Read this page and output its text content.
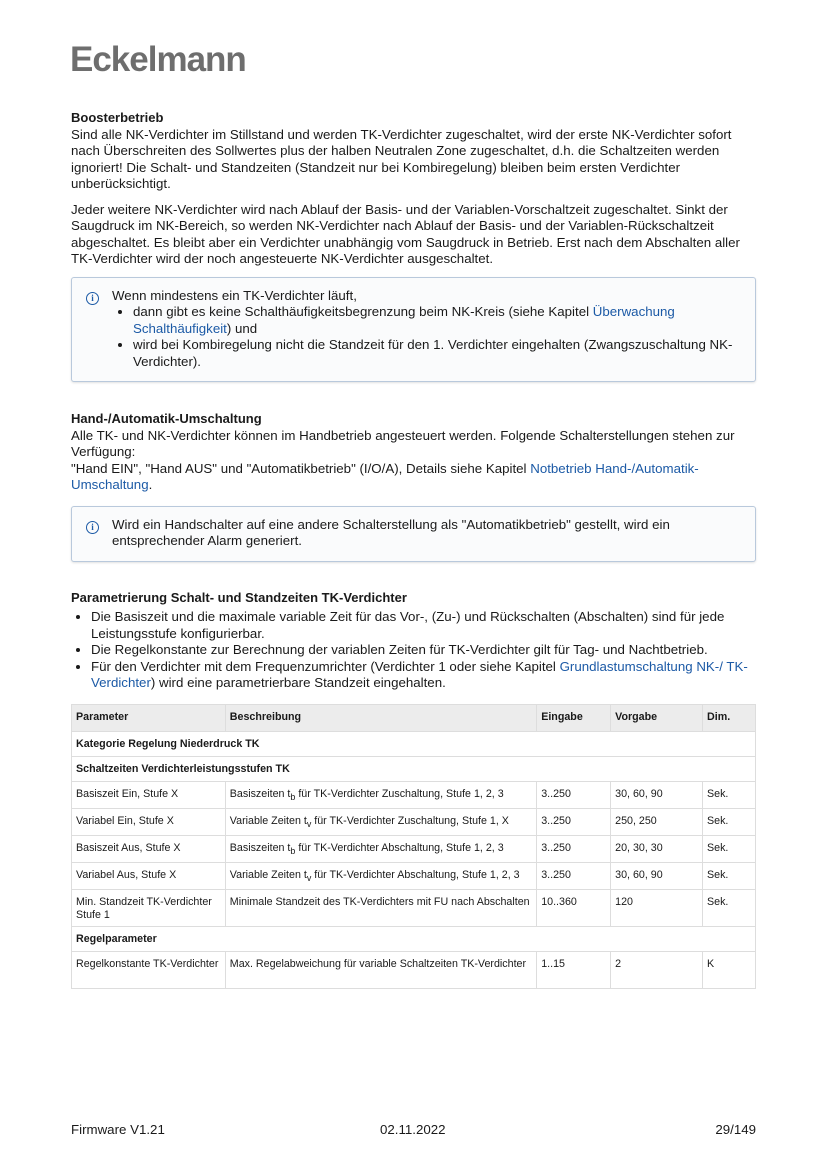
Eckelmann
Boosterbetrieb

Sind alle NK-Verdichter im Stillstand und werden TK-Verdichter zugeschaltet, wird der erste NK-Verdichter sofort nach Überschreiten des Sollwertes plus der halben Neutralen Zone zugeschaltet, d.h. die Schaltzeiten werden ignoriert! Die Schalt- und Standzeiten (Standzeit nur bei Kombiregelung) bleiben beim ersten Verdichter unberücksichtigt.

Jeder weitere NK-Verdichter wird nach Ablauf der Basis- und der Variablen-Vorschaltzeit zugeschaltet. Sinkt der Saugdruck im NK-Bereich, so werden NK-Verdichter nach Ablauf der Basis- und der Variablen-Rückschaltzeit abgeschaltet. Es bleibt aber ein Verdichter unabhängig vom Saugdruck in Betrieb. Erst nach dem Abschalten aller TK-Verdichter wird der noch angesteuerte NK-Verdichter ausgeschaltet.

i	Wenn mindestens ein TK-Verdichter läuft,
• dann gibt es keine Schalthäufigkeitsbegrenzung beim NK-Kreis (siehe Kapitel Überwachung Schalthäufigkeit) und
• wird bei Kombiregelung nicht die Standzeit für den 1. Verdichter eingehalten (Zwangszuschaltung NK-Verdichter).
Hand-/Automatik-Umschaltung

Alle TK- und NK-Verdichter können im Handbetrieb angesteuert werden. Folgende Schalterstellungen stehen zur Verfügung:

"Hand EIN", "Hand AUS" und "Automatikbetrieb" (I/O/A), Details siehe Kapitel Notbetrieb Hand-/Automatik-Umschaltung.

i	Wird ein Handschalter auf eine andere Schalterstellung als "Automatikbetrieb" gestellt, wird ein entsprechender Alarm generiert.
Parametrierung Schalt- und Standzeiten TK-Verdichter
• Die Basiszeit und die maximale variable Zeit für das Vor-, (Zu-) und Rückschalten (Abschalten) sind für jede Leistungsstufe konfigurierbar.
• Die Regelkonstante zur Berechnung der variablen Zeiten für TK-Verdichter gilt für Tag- und Nachtbetrieb.
• Für den Verdichter mit dem Frequenzumrichter (Verdichter 1 oder siehe Kapitel Grundlastumschaltung NK-/ TK-Verdichter) wird eine parametrierbare Standzeit eingehalten.
Parameter	Beschreibung	Eingabe	Vorgabe	Dim.
Kategorie Regelung Niederdruck TK				
Schaltzeiten Verdichterleistungsstufen TK				
Basiszeit Ein, Stufe X	Basiszeiten $t_b$ für TK-Verdichter Zuschaltung, Stufe 1, 2, 3	3..250	30, 60, 90	Sek.
Variabel Ein, Stufe X	Variable Zeiten $t_v$ für TK-Verdichter Zuschaltung, Stufe 1, X	3..250	250, 250	Sek.
Basiszeit Aus, Stufe X	Basiszeiten $t_b$ für TK-Verdichter Abschaltung, Stufe 1, 2, 3	3..250	20, 30, 30	Sek.
Variabel Aus, Stufe X	Variable Zeiten $t_v$ für TK-Verdichter Abschaltung, Stufe 1, 2, 3	3..250	30, 60, 90	Sek.
Min. Standzeit TK-Verdichter Stufe 1	Minimale Standzeit des TK-Verdichters mit FU nach Abschalten	10..360	120	Sek.
Regelparameter				
Regelkonstante TK-Verdichter	Max. Regelabweichung für variable Schaltzeiten TK-Verdichter	1..15	2	K
Firmware V1.21	02.11.2022	29/149
